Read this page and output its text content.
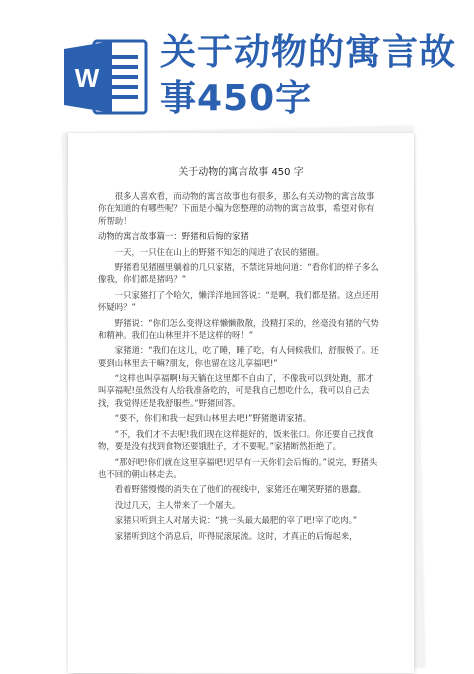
W
关于动物的寓言故
事450字
关于动物的寓言故事 450 字

很多人喜欢看，而动物的寓言故事也有很多，那么有关动物的寓言故事你在知道的有哪些呢？下面是小编为您整理的动物的寓言故事，希望对你有所帮助！

动物的寓言故事篇一：野猪和后悔的家猪

一天，一只住在山上的野猪不知怎的闯进了农民的猪圈。

野猪看见猪圈里躺着的几只家猪，不禁诧异地问道：“看你们的样子多么像我，你们都是猪吗？”

一只家猪打了个哈欠，懒洋洋地回答说：“是啊，我们都是猪。这点还用怀疑吗？”

野猪说：“你们怎么变得这样懒懒散散，没精打采的，丝毫没有猪的气势和精神。我们在山林里并不是这样的呀！”

家猪道：“我们在这儿，吃了睡，睡了吃，有人伺候我们，舒服极了。还要到山林里去干嘛?朋友，你也留在这儿享福吧!”

“这样也叫享福啊!每天躺在这里都不自由了，不像我可以到处跑，那才叫享福呢!虽然没有人给我准备吃的，可是我自己想吃什么，我可以自己去找，我觉得还是我舒服些。”野猪回答。

“要不，你们和我一起到山林里去吧!”野猪邀请家猪。

“不，我们才不去呢!我们现在这样挺好的，饭来张口。你还要自己找食物，要是没有找到食物还要饿肚子，才不要呢。”家猪断然拒绝了。

“那好吧!你们就在这里享福吧!迟早有一天你们会后悔的。”说完，野猪头也不回的朝山林走去。

看着野猪慢慢的消失在了他们的视线中，家猪还在嘲笑野猪的愚蠢。

没过几天，主人带来了一个屠夫。

家猪只听到主人对屠夫说：“挑一头最大最肥的宰了吧!宰了吃肉。”

家猪听到这个消息后，吓得屁滚尿流。这时，才真正的后悔起来，
